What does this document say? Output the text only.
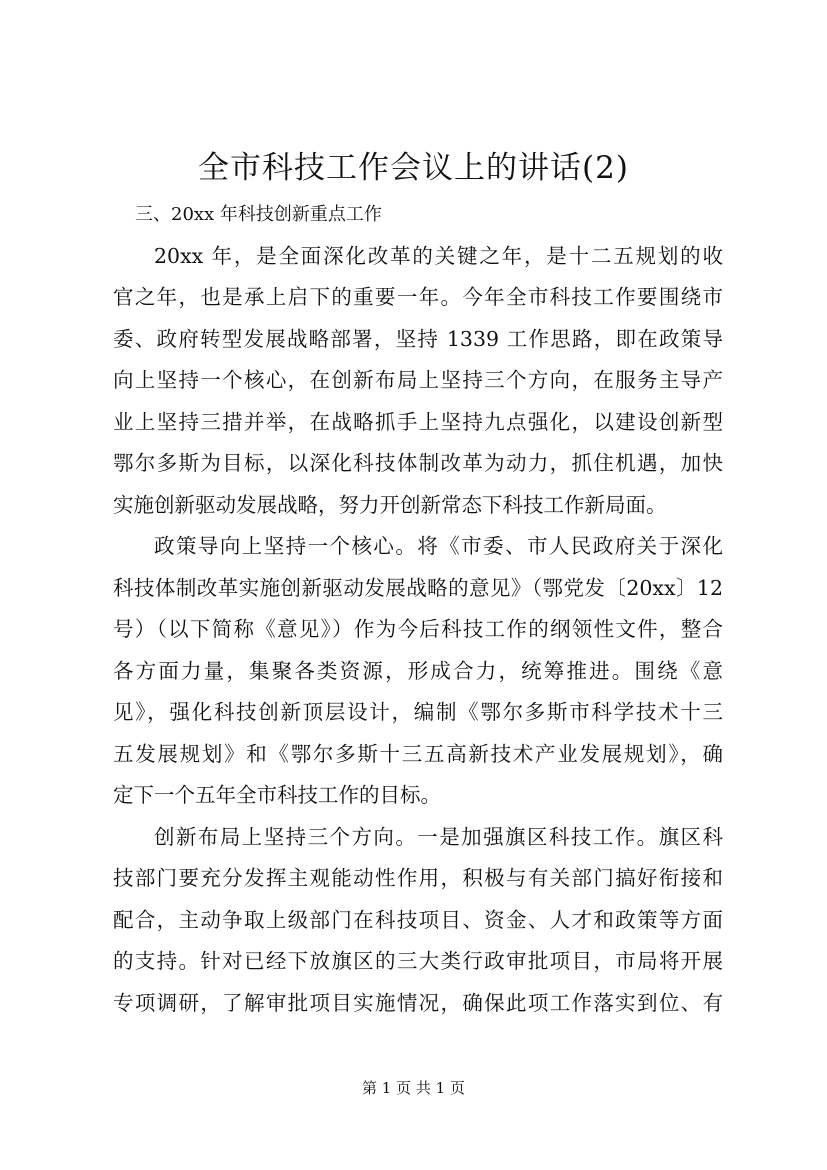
全市科技工作会议上的讲话(2)
三、20xx 年科技创新重点工作
20xx 年，是全面深化改革的关键之年，是十二五规划的收
官之年，也是承上启下的重要一年。今年全市科技工作要围绕市
委、政府转型发展战略部署，坚持 1339 工作思路，即在政策导
向上坚持一个核心，在创新布局上坚持三个方向，在服务主导产
业上坚持三措并举，在战略抓手上坚持九点强化，以建设创新型
鄂尔多斯为目标，以深化科技体制改革为动力，抓住机遇，加快
实施创新驱动发展战略，努力开创新常态下科技工作新局面。
政策导向上坚持一个核心。将《市委、市人民政府关于深化
科技体制改革实施创新驱动发展战略的意见》（鄂党发〔20xx〕12
号）（以下简称《意见》）作为今后科技工作的纲领性文件，整合
各方面力量，集聚各类资源，形成合力，统筹推进。围绕《意
见》，强化科技创新顶层设计，编制《鄂尔多斯市科学技术十三
五发展规划》和《鄂尔多斯十三五高新技术产业发展规划》，确
定下一个五年全市科技工作的目标。
创新布局上坚持三个方向。一是加强旗区科技工作。旗区科
技部门要充分发挥主观能动性作用，积极与有关部门搞好衔接和
配合，主动争取上级部门在科技项目、资金、人才和政策等方面
的支持。针对已经下放旗区的三大类行政审批项目，市局将开展
专项调研，了解审批项目实施情况，确保此项工作落实到位、有
第 1 页 共 1 页
